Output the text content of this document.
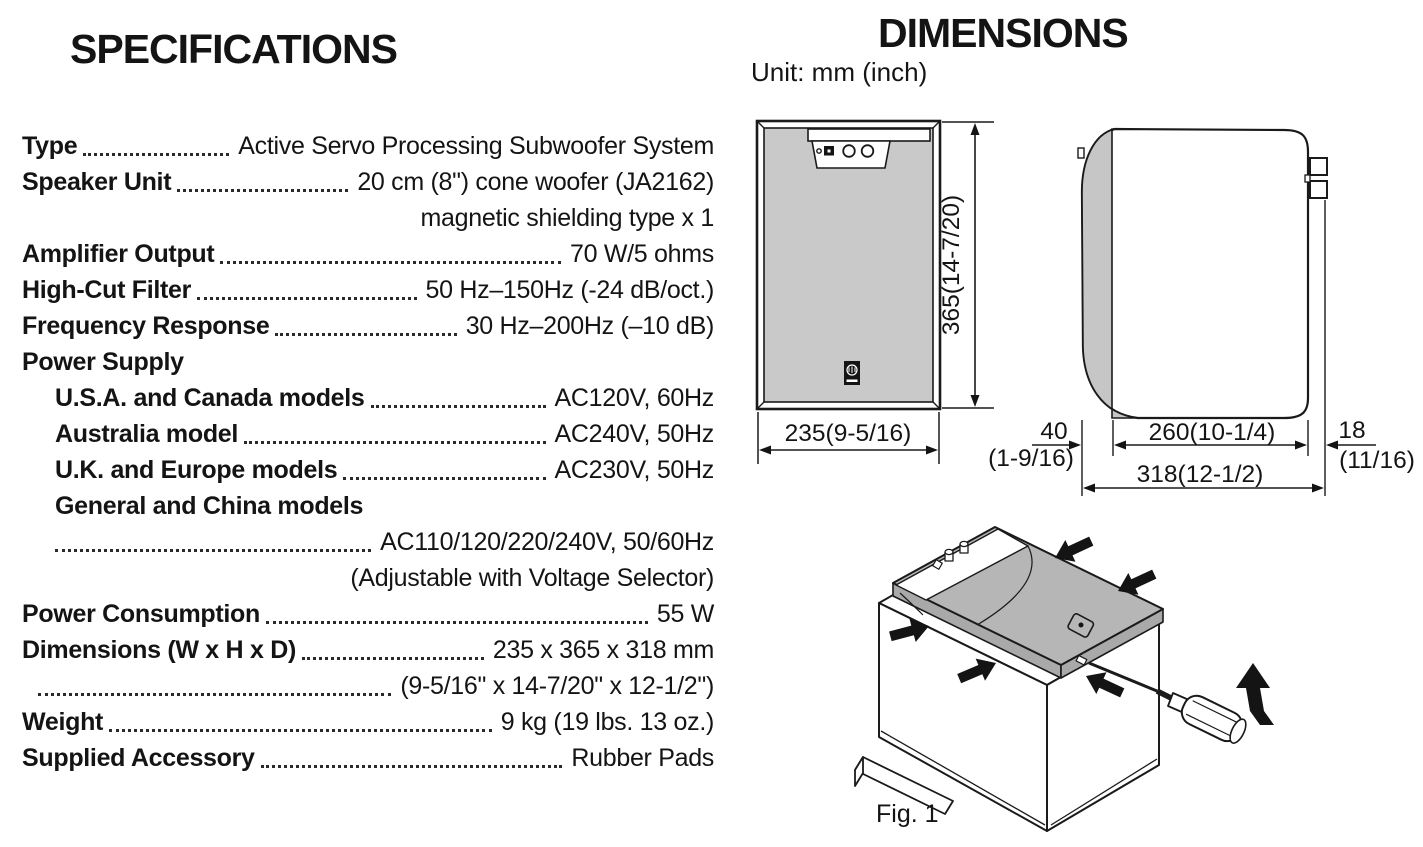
SPECIFICATIONS
Type	Active Servo Processing Subwoofer System
Speaker Unit	20 cm (8") cone woofer (JA2162)
magnetic shielding type x 1
Amplifier Output	70 W/5 ohms
High-Cut Filter	50 Hz–150Hz (-24 dB/oct.)
Frequency Response	30 Hz–200Hz (–10 dB)
Power Supply
U.S.A. and Canada models	AC120V, 60Hz
Australia model	AC240V, 50Hz
U.K. and Europe models	AC230V, 50Hz
General and China models
AC110/120/220/240V, 50/60Hz
(Adjustable with Voltage Selector)
Power Consumption	55 W
Dimensions (W x H x D)	235 x 365 x 318 mm
(9-5/16" x 14-7/20" x 12-1/2")
Weight	9 kg (19 lbs. 13 oz.)
Supplied Accessory	Rubber Pads
DIMENSIONS
Unit: mm (inch)
365(14-7/20)
235(9-5/16)	40
(1-9/16)
260(10-1/4)	18
(11/16)
318(12-1/2)
Fig. 1
